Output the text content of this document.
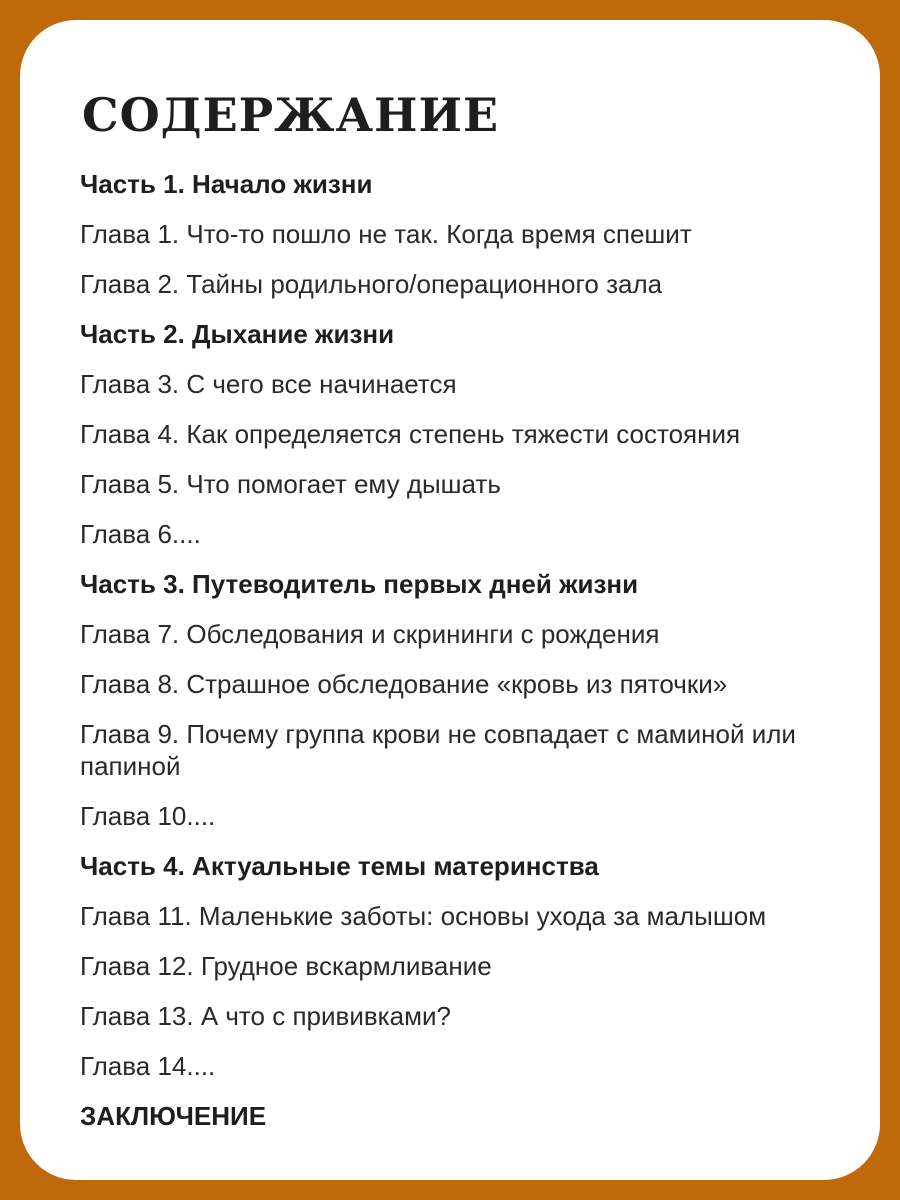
СОДЕРЖАНИЕ
Часть 1. Начало жизни
Глава 1. Что-то пошло не так. Когда время спешит
Глава 2. Тайны родильного/операционного зала
Часть 2. Дыхание жизни
Глава 3. С чего все начинается
Глава 4. Как определяется степень тяжести состояния
Глава 5. Что помогает ему дышать
Глава 6....
Часть 3. Путеводитель первых дней жизни
Глава 7. Обследования и скрининги с рождения
Глава 8. Страшное обследование «кровь из пяточки»
Глава 9. Почему группа крови не совпадает с маминой или папиной
Глава 10....
Часть 4. Актуальные темы материнства
Глава 11. Маленькие заботы: основы ухода за малышом
Глава 12. Грудное вскармливание
Глава 13. А что с прививками?
Глава 14....
ЗАКЛЮЧЕНИЕ
